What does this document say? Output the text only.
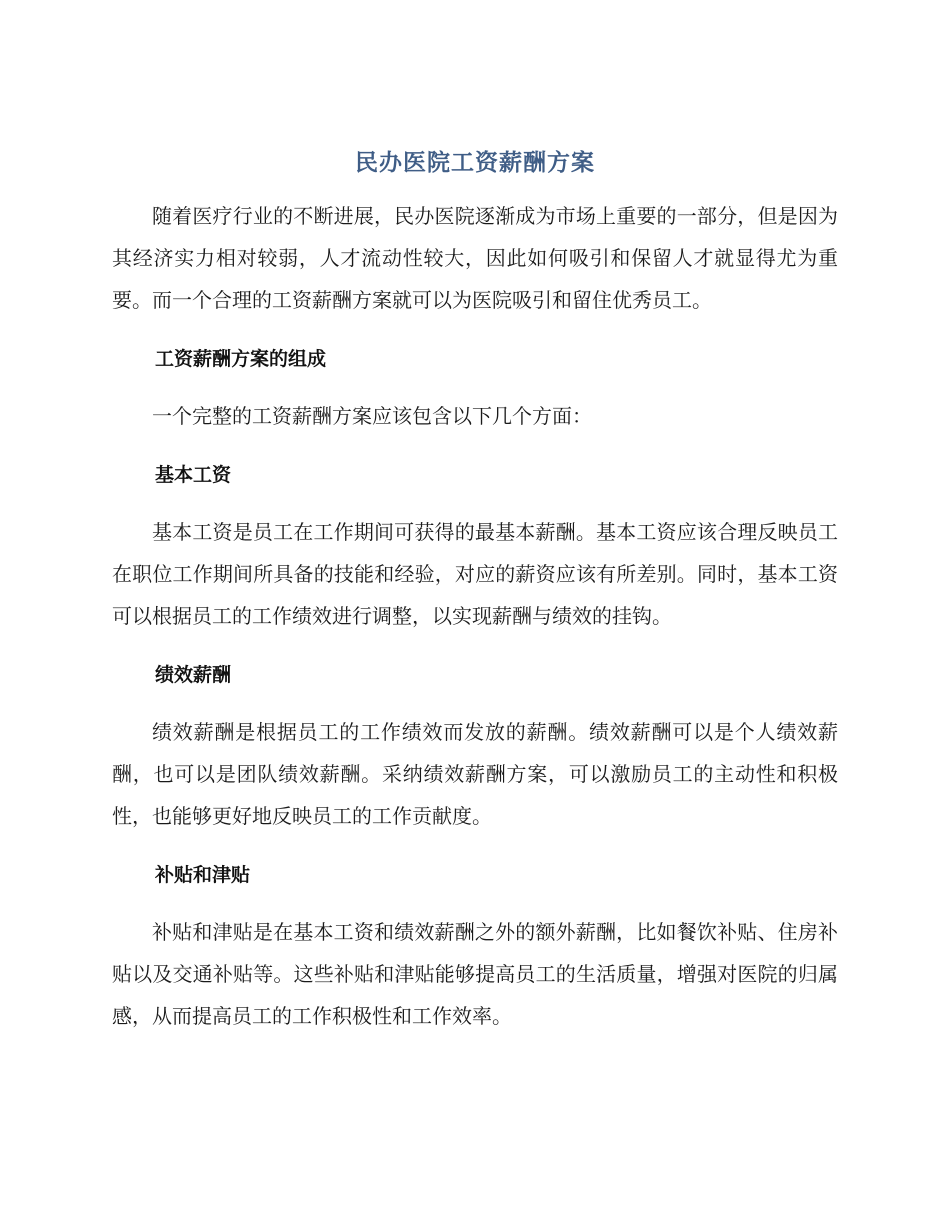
民办医院工资薪酬方案

随着医疗行业的不断进展，民办医院逐渐成为市场上重要的一部分，但是因为其经济实力相对较弱，人才流动性较大，因此如何吸引和保留人才就显得尤为重要。而一个合理的工资薪酬方案就可以为医院吸引和留住优秀员工。

工资薪酬方案的组成

一个完整的工资薪酬方案应该包含以下几个方面：

基本工资

基本工资是员工在工作期间可获得的最基本薪酬。基本工资应该合理反映员工在职位工作期间所具备的技能和经验，对应的薪资应该有所差别。同时，基本工资可以根据员工的工作绩效进行调整，以实现薪酬与绩效的挂钩。

绩效薪酬

绩效薪酬是根据员工的工作绩效而发放的薪酬。绩效薪酬可以是个人绩效薪酬，也可以是团队绩效薪酬。采纳绩效薪酬方案，可以激励员工的主动性和积极性，也能够更好地反映员工的工作贡献度。

补贴和津贴

补贴和津贴是在基本工资和绩效薪酬之外的额外薪酬，比如餐饮补贴、住房补贴以及交通补贴等。这些补贴和津贴能够提高员工的生活质量，增强对医院的归属感，从而提高员工的工作积极性和工作效率。
